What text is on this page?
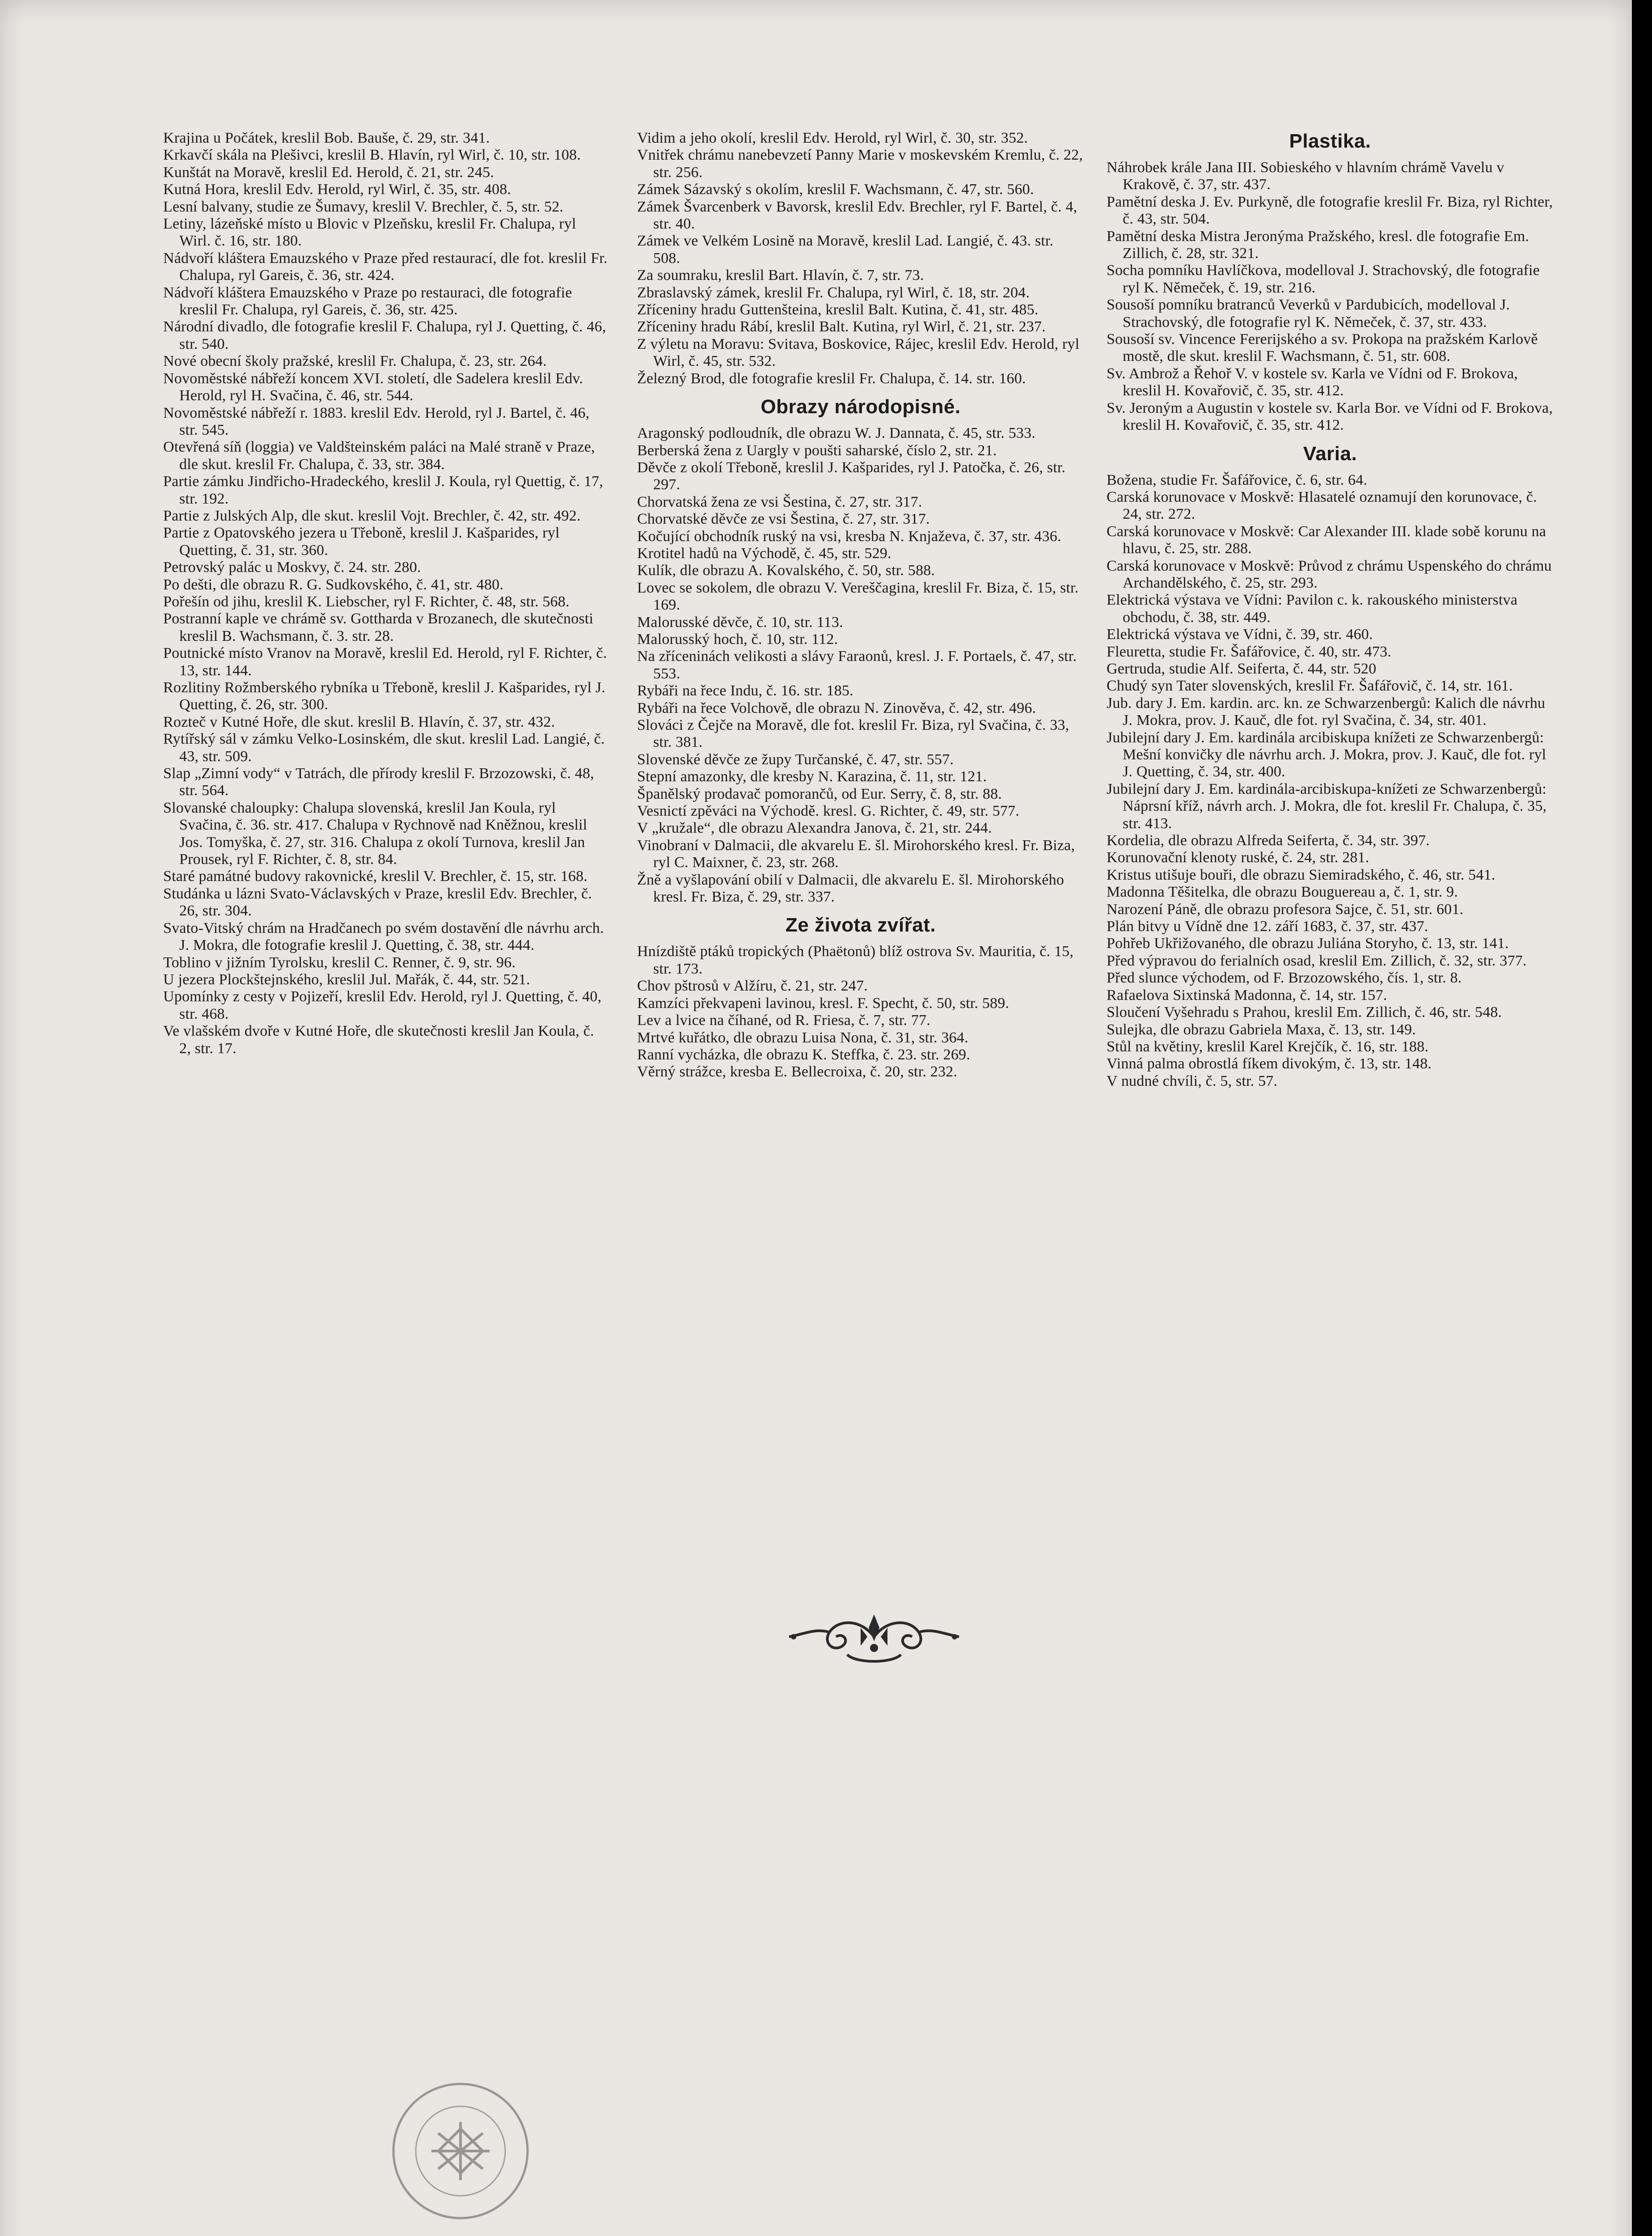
Krajina u Počátek, kreslil Bob. Bauše, č. 29, str. 341.

Krkavčí skála na Plešivci, kreslil B. Hlavín, ryl Wirl, č. 10, str. 108.

Kunštát na Moravě, kreslil Ed. Herold, č. 21, str. 245.

Kutná Hora, kreslil Edv. Herold, ryl Wirl, č. 35, str. 408.

Lesní balvany, studie ze Šumavy, kreslil V. Brechler, č. 5, str. 52.

Letiny, lázeňské místo u Blovic v Plzeňsku, kreslil Fr. Chalupa, ryl Wirl. č. 16, str. 180.

Nádvoří kláštera Emauzského v Praze před restaurací, dle fot. kreslil Fr. Chalupa, ryl Gareis, č. 36, str. 424.

Nádvoří kláštera Emauzského v Praze po restauraci, dle fotografie kreslil Fr. Chalupa, ryl Gareis, č. 36, str. 425.

Národní divadlo, dle fotografie kreslil F. Chalupa, ryl J. Quetting, č. 46, str. 540.

Nové obecní školy pražské, kreslil Fr. Chalupa, č. 23, str. 264.

Novoměstské nábřeží koncem XVI. století, dle Sadelera kreslil Edv. Herold, ryl H. Svačina, č. 46, str. 544.

Novoměstské nábřeží r. 1883. kreslil Edv. Herold, ryl J. Bartel, č. 46, str. 545.

Otevřená síň (loggia) ve Valdšteinském paláci na Malé straně v Praze, dle skut. kreslil Fr. Chalupa, č. 33, str. 384.

Partie zámku Jindřicho-Hradeckého, kreslil J. Koula, ryl Quettig, č. 17, str. 192.

Partie z Julských Alp, dle skut. kreslil Vojt. Brechler, č. 42, str. 492.

Partie z Opatovského jezera u Třeboně, kreslil J. Kašparides, ryl Quetting, č. 31, str. 360.

Petrovský palác u Moskvy, č. 24. str. 280.

Po dešti, dle obrazu R. G. Sudkovského, č. 41, str. 480.

Pořešín od jihu, kreslil K. Liebscher, ryl F. Richter, č. 48, str. 568.

Postranní kaple ve chrámě sv. Gottharda v Brozanech, dle skutečnosti kreslil B. Wachsmann, č. 3. str. 28.

Poutnické místo Vranov na Moravě, kreslil Ed. Herold, ryl F. Richter, č. 13, str. 144.

Rozlitiny Rožmberského rybníka u Třeboně, kreslil J. Kašparides, ryl J. Quetting, č. 26, str. 300.

Rozteč v Kutné Hoře, dle skut. kreslil B. Hlavín, č. 37, str. 432.

Rytířský sál v zámku Velko-Losinském, dle skut. kreslil Lad. Langié, č. 43, str. 509.

Slap „Zimní vody“ v Tatrách, dle přírody kreslil F. Brzozowski, č. 48, str. 564.

Slovanské chaloupky: Chalupa slovenská, kreslil Jan Koula, ryl Svačina, č. 36. str. 417. Chalupa v Rychnově nad Kněžnou, kreslil Jos. Tomyška, č. 27, str. 316. Chalupa z okolí Turnova, kreslil Jan Prousek, ryl F. Richter, č. 8, str. 84.

Staré památné budovy rakovnické, kreslil V. Brechler, č. 15, str. 168.

Studánka u lázni Svato-Václavských v Praze, kreslil Edv. Brechler, č. 26, str. 304.

Svato-Vitský chrám na Hradčanech po svém dostavění dle návrhu arch. J. Mokra, dle fotografie kreslil J. Quetting, č. 38, str. 444.

Toblino v jižním Tyrolsku, kreslil C. Renner, č. 9, str. 96.

U jezera Plockštejnského, kreslil Jul. Mařák, č. 44, str. 521.

Upomínky z cesty v Pojizeří, kreslil Edv. Herold, ryl J. Quetting, č. 40, str. 468.

Ve vlašském dvoře v Kutné Hoře, dle skutečnosti kreslil Jan Koula, č. 2, str. 17.

Vidim a jeho okolí, kreslil Edv. Herold, ryl Wirl, č. 30, str. 352.

Vnitřek chrámu nanebevzetí Panny Marie v moskevském Kremlu, č. 22, str. 256.

Zámek Sázavský s okolím, kreslil F. Wachsmann, č. 47, str. 560.

Zámek Švarcenberk v Bavorsk, kreslil Edv. Brechler, ryl F. Bartel, č. 4, str. 40.

Zámek ve Velkém Losině na Moravě, kreslil Lad. Langié, č. 43. str. 508.

Za soumraku, kreslil Bart. Hlavín, č. 7, str. 73.

Zbraslavský zámek, kreslil Fr. Chalupa, ryl Wirl, č. 18, str. 204.

Zříceniny hradu Guttenšteina, kreslil Balt. Kutina, č. 41, str. 485.

Zříceniny hradu Rábí, kreslil Balt. Kutina, ryl Wirl, č. 21, str. 237.

Z výletu na Moravu: Svitava, Boskovice, Rájec, kreslil Edv. Herold, ryl Wirl, č. 45, str. 532.

Železný Brod, dle fotografie kreslil Fr. Chalupa, č. 14. str. 160.

Obrazy národopisné.

Aragonský podloudník, dle obrazu W. J. Dannata, č. 45, str. 533.

Berberská žena z Uargly v poušti saharské, číslo 2, str. 21.

Děvče z okolí Třeboně, kreslil J. Kašparides, ryl J. Patočka, č. 26, str. 297.

Chorvatská žena ze vsi Šestina, č. 27, str. 317.

Chorvatské děvče ze vsi Šestina, č. 27, str. 317.

Kočující obchodník ruský na vsi, kresba N. Knjaževa, č. 37, str. 436.

Krotitel hadů na Východě, č. 45, str. 529.

Kulík, dle obrazu A. Kovalského, č. 50, str. 588.

Lovec se sokolem, dle obrazu V. Vereščagina, kreslil Fr. Biza, č. 15, str. 169.

Malorusské děvče, č. 10, str. 113.

Malorusský hoch, č. 10, str. 112.

Na zříceninách velikosti a slávy Faraonů, kresl. J. F. Portaels, č. 47, str. 553.

Rybáři na řece Indu, č. 16. str. 185.

Rybáři na řece Volchově, dle obrazu N. Zinověva, č. 42, str. 496.

Slováci z Čejče na Moravě, dle fot. kreslil Fr. Biza, ryl Svačina, č. 33, str. 381.

Slovenské děvče ze župy Turčanské, č. 47, str. 557.

Stepní amazonky, dle kresby N. Karazina, č. 11, str. 121.

Španělský prodavač pomorančů, od Eur. Serry, č. 8, str. 88.

Vesnictí zpěváci na Východě. kresl. G. Richter, č. 49, str. 577.

V „kružale“, dle obrazu Alexandra Janova, č. 21, str. 244.

Vinobraní v Dalmacii, dle akvarelu E. šl. Mirohorského kresl. Fr. Biza, ryl C. Maixner, č. 23, str. 268.

Žně a vyšlapování obilí v Dalmacii, dle akvarelu E. šl. Mirohorského kresl. Fr. Biza, č. 29, str. 337.

Ze života zvířat.

Hnízdiště ptáků tropických (Phaëtonů) blíž ostrova Sv. Mauritia, č. 15, str. 173.

Chov pštrosů v Alžíru, č. 21, str. 247.

Kamzíci překvapeni lavinou, kresl. F. Specht, č. 50, str. 589.

Lev a lvice na číhané, od R. Friesa, č. 7, str. 77.

Mrtvé kuřátko, dle obrazu Luisa Nona, č. 31, str. 364.

Ranní vycházka, dle obrazu K. Steffka, č. 23. str. 269.

Věrný strážce, kresba E. Bellecroixa, č. 20, str. 232.

Plastika.

Náhrobek krále Jana III. Sobieského v hlavním chrámě Vavelu v Krakově, č. 37, str. 437.

Pamětní deska J. Ev. Purkyně, dle fotografie kreslil Fr. Biza, ryl Richter, č. 43, str. 504.

Pamětní deska Mistra Jeronýma Pražského, kresl. dle fotografie Em. Zillich, č. 28, str. 321.

Socha pomníku Havlíčkova, modelloval J. Strachovský, dle fotografie ryl K. Němeček, č. 19, str. 216.

Sousoší pomníku bratranců Veverků v Pardubicích, modelloval J. Strachovský, dle fotografie ryl K. Němeček, č. 37, str. 433.

Sousoší sv. Vincence Fererijského a sv. Prokopa na pražském Karlově mostě, dle skut. kreslil F. Wachsmann, č. 51, str. 608.

Sv. Ambrož a Řehoř V. v kostele sv. Karla ve Vídni od F. Brokova, kreslil H. Kovařovič, č. 35, str. 412.

Sv. Jeroným a Augustin v kostele sv. Karla Bor. ve Vídni od F. Brokova, kreslil H. Kovařovič, č. 35, str. 412.

Varia.

Božena, studie Fr. Šafářovice, č. 6, str. 64.

Carská korunovace v Moskvě: Hlasatelé oznamují den korunovace, č. 24, str. 272.

Carská korunovace v Moskvě: Car Alexander III. klade sobě korunu na hlavu, č. 25, str. 288.

Carská korunovace v Moskvě: Průvod z chrámu Uspenského do chrámu Archandělského, č. 25, str. 293.

Elektrická výstava ve Vídni: Pavilon c. k. rakouského ministerstva obchodu, č. 38, str. 449.

Elektrická výstava ve Vídni, č. 39, str. 460.

Fleuretta, studie Fr. Šafářovice, č. 40, str. 473.

Gertruda, studie Alf. Seiferta, č. 44, str. 520

Chudý syn Tater slovenských, kreslil Fr. Šafářovič, č. 14, str. 161.

Jub. dary J. Em. kardin. arc. kn. ze Schwarzenbergů: Kalich dle návrhu J. Mokra, prov. J. Kauč, dle fot. ryl Svačina, č. 34, str. 401.

Jubilejní dary J. Em. kardinála arcibiskupa knížeti ze Schwarzenbergů: Mešní konvičky dle návrhu arch. J. Mokra, prov. J. Kauč, dle fot. ryl J. Quetting, č. 34, str. 400.

Jubilejní dary J. Em. kardinála-arcibiskupa-knížeti ze Schwarzenbergů: Náprsní kříž, návrh arch. J. Mokra, dle fot. kreslil Fr. Chalupa, č. 35, str. 413.

Kordelia, dle obrazu Alfreda Seiferta, č. 34, str. 397.

Korunovační klenoty ruské, č. 24, str. 281.

Kristus utišuje bouři, dle obrazu Siemiradského, č. 46, str. 541.

Madonna Těšitelka, dle obrazu Bouguereau a, č. 1, str. 9.

Narození Páně, dle obrazu profesora Sajce, č. 51, str. 601.

Plán bitvy u Vídně dne 12. září 1683, č. 37, str. 437.

Pohřeb Ukřižovaného, dle obrazu Juliána Storyho, č. 13, str. 141.

Před výpravou do ferialních osad, kreslil Em. Zillich, č. 32, str. 377.

Před slunce východem, od F. Brzozowského, čís. 1, str. 8.

Rafaelova Sixtinská Madonna, č. 14, str. 157.

Sloučení Vyšehradu s Prahou, kreslil Em. Zillich, č. 46, str. 548.

Sulejka, dle obrazu Gabriela Maxa, č. 13, str. 149.

Stůl na květiny, kreslil Karel Krejčík, č. 16, str. 188.

Vinná palma obrostlá fíkem divokým, č. 13, str. 148.

V nudné chvíli, č. 5, str. 57.
